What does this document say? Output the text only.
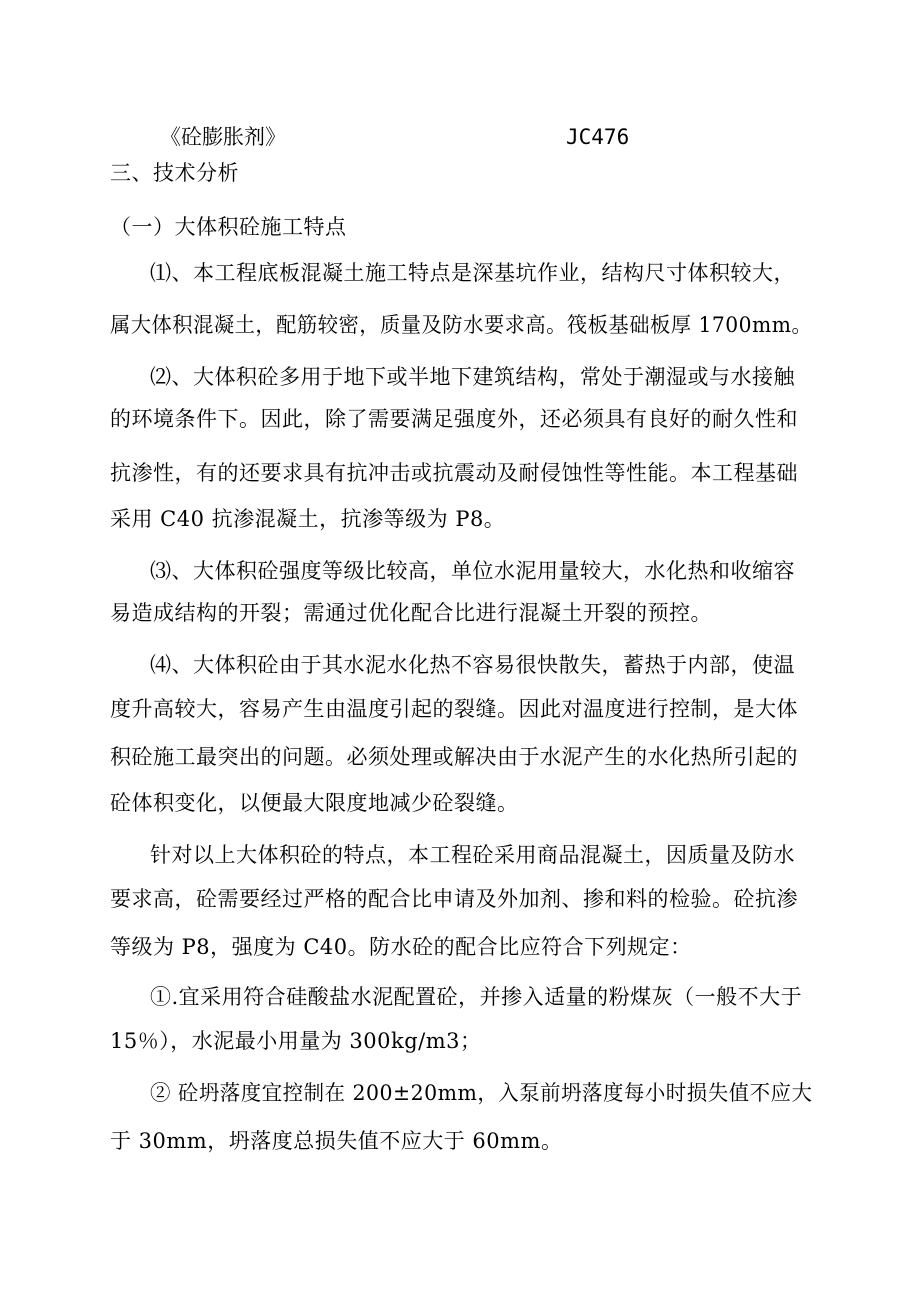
《砼膨胀剂》	JC476
三、技术分析
（一）大体积砼施工特点
⑴、本工程底板混凝土施工特点是深基坑作业，结构尺寸体积较大，
属大体积混凝土，配筋较密，质量及防水要求高。筏板基础板厚 1700mm。
⑵、大体积砼多用于地下或半地下建筑结构，常处于潮湿或与水接触
的环境条件下。因此，除了需要满足强度外，还必须具有良好的耐久性和
抗渗性，有的还要求具有抗冲击或抗震动及耐侵蚀性等性能。本工程基础
采用 C40 抗渗混凝土，抗渗等级为 P8。
⑶、大体积砼强度等级比较高，单位水泥用量较大，水化热和收缩容
易造成结构的开裂；需通过优化配合比进行混凝土开裂的预控。
⑷、大体积砼由于其水泥水化热不容易很快散失，蓄热于内部，使温
度升高较大，容易产生由温度引起的裂缝。因此对温度进行控制，是大体
积砼施工最突出的问题。必须处理或解决由于水泥产生的水化热所引起的
砼体积变化，以便最大限度地减少砼裂缝。
针对以上大体积砼的特点，本工程砼采用商品混凝土，因质量及防水
要求高，砼需要经过严格的配合比申请及外加剂、掺和料的检验。砼抗渗
等级为 P8，强度为 C40。防水砼的配合比应符合下列规定：
①.宜采用符合硅酸盐水泥配置砼，并掺入适量的粉煤灰（一般不大于
15％），水泥最小用量为 300kg/m3；
② 砼坍落度宜控制在 200±20mm，入泵前坍落度每小时损失值不应大
于 30mm，坍落度总损失值不应大于 60mm。
